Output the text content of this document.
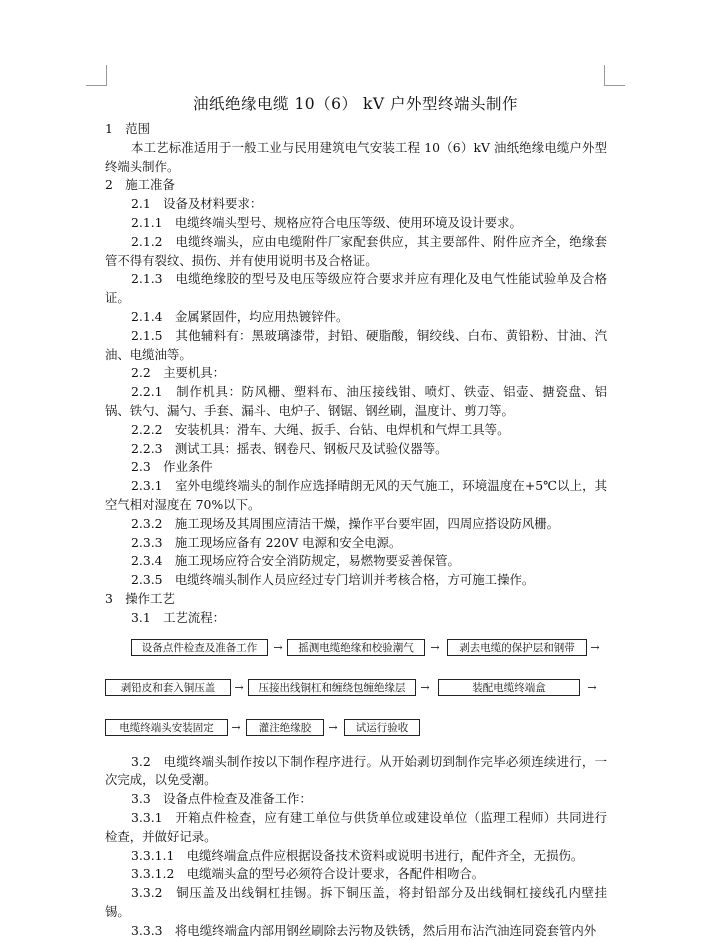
油纸绝缘电缆 10（6） kV 户外型终端头制作
1　范围
本工艺标准适用于一般工业与民用建筑电气安装工程 10（6）kV 油纸绝缘电缆户外型终端头制作。
2　施工准备
2.1　设备及材料要求：
2.1.1　电缆终端头型号、规格应符合电压等级、使用环境及设计要求。
2.1.2　电缆终端头，应由电缆附件厂家配套供应，其主要部件、附件应齐全，绝缘套管不得有裂纹、损伤、并有使用说明书及合格证。
2.1.3　电缆绝缘胶的型号及电压等级应符合要求并应有理化及电气性能试验单及合格证。
2.1.4　金属紧固件，均应用热镀锌件。
2.1.5　其他辅料有：黑玻璃漆带，封铅、硬脂酸，铜绞线、白布、黄铅粉、甘油、汽油、电缆油等。
2.2　主要机具：
2.2.1　制作机具：防风栅、塑料布、油压接线钳、喷灯、铁壶、铝壶、搪瓷盘、铝锅、铁勺、漏勺、手套、漏斗、电炉子、钢锯、钢丝刷，温度计、剪刀等。
2.2.2　安装机具：滑车、大绳、扳手、台钻、电焊机和气焊工具等。
2.2.3　测试工具：摇表、钢卷尺、钢板尺及试验仪器等。
2.3　作业条件
2.3.1　室外电缆终端头的制作应选择晴朗无风的天气施工，环境温度在+5℃以上，其空气相对湿度在 70%以下。
2.3.2　施工现场及其周围应清洁干燥，操作平台要牢固，四周应搭设防风栅。
2.3.3　施工现场应备有 220V 电源和安全电源。
2.3.4　施工现场应符合安全消防规定，易燃物要妥善保管。
2.3.5　电缆终端头制作人员应经过专门培训并考核合格，方可施工操作。
3　操作工艺
3.1　工艺流程：
设备点件检查及准备工作	→	摇测电缆绝缘和校验潮气	→	剥去电缆的保护层和钢带	→
剥铅皮和套入铜压盖	→	压接出线铜杠和缠绕包缠绝缘层	→	装配电缆终端盒	→
电缆终端头安装固定	→	灌注绝缘胶	→	试运行验收
3.2　电缆终端头制作按以下制作程序进行。从开始剥切到制作完毕必须连续进行，一次完成，以免受潮。
3.3　设备点件检查及准备工作：
3.3.1　开箱点件检查，应有建工单位与供货单位或建设单位（监理工程师）共同进行检查，并做好记录。
3.3.1.1　电缆终端盒点件应根据设备技术资料或说明书进行，配件齐全，无损伤。
3.3.1.2　电缆端头盒的型号必须符合设计要求，各配件相吻合。
3.3.2　铜压盖及出线铜杠挂锡。拆下铜压盖，将封铅部分及出线铜杠接线孔内壁挂锡。
3.3.3　将电缆终端盒内部用钢丝刷除去污物及铁锈，然后用布沾汽油连同瓷套管内外
